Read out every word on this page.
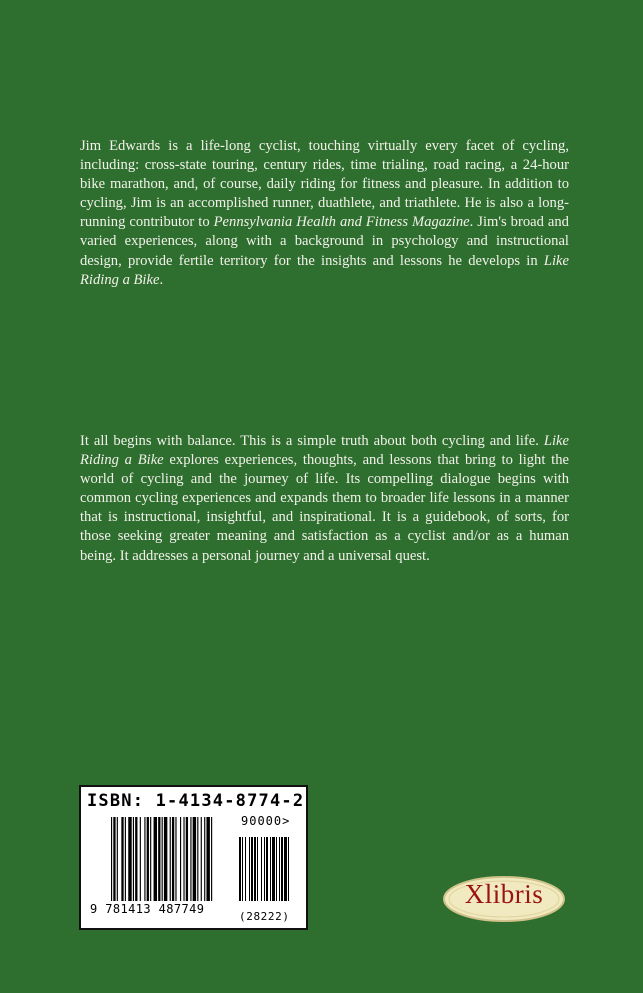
Jim Edwards is a life-long cyclist, touching virtually every facet of cycling, including: cross-state touring, century rides, time trialing, road racing, a 24-hour bike marathon, and, of course, daily riding for fitness and pleasure. In addition to cycling, Jim is an accomplished runner, duathlete, and triathlete. He is also a long-running contributor to Pennsylvania Health and Fitness Magazine. Jim's broad and varied experiences, along with a background in psychology and instructional design, provide fertile territory for the insights and lessons he develops in Like Riding a Bike.

It all begins with balance. This is a simple truth about both cycling and life. Like Riding a Bike explores experiences, thoughts, and lessons that bring to light the world of cycling and the journey of life. Its compelling dialogue begins with common cycling experiences and expands them to broader life lessons in a manner that is instructional, insightful, and inspirational. It is a guidebook, of sorts, for those seeking greater meaning and satisfaction as a cyclist and/or as a human being. It addresses a personal journey and a universal quest.

ISBN: 1-4134-8774-2
90000>
9 781413 487749
(28222)
Xlibris
